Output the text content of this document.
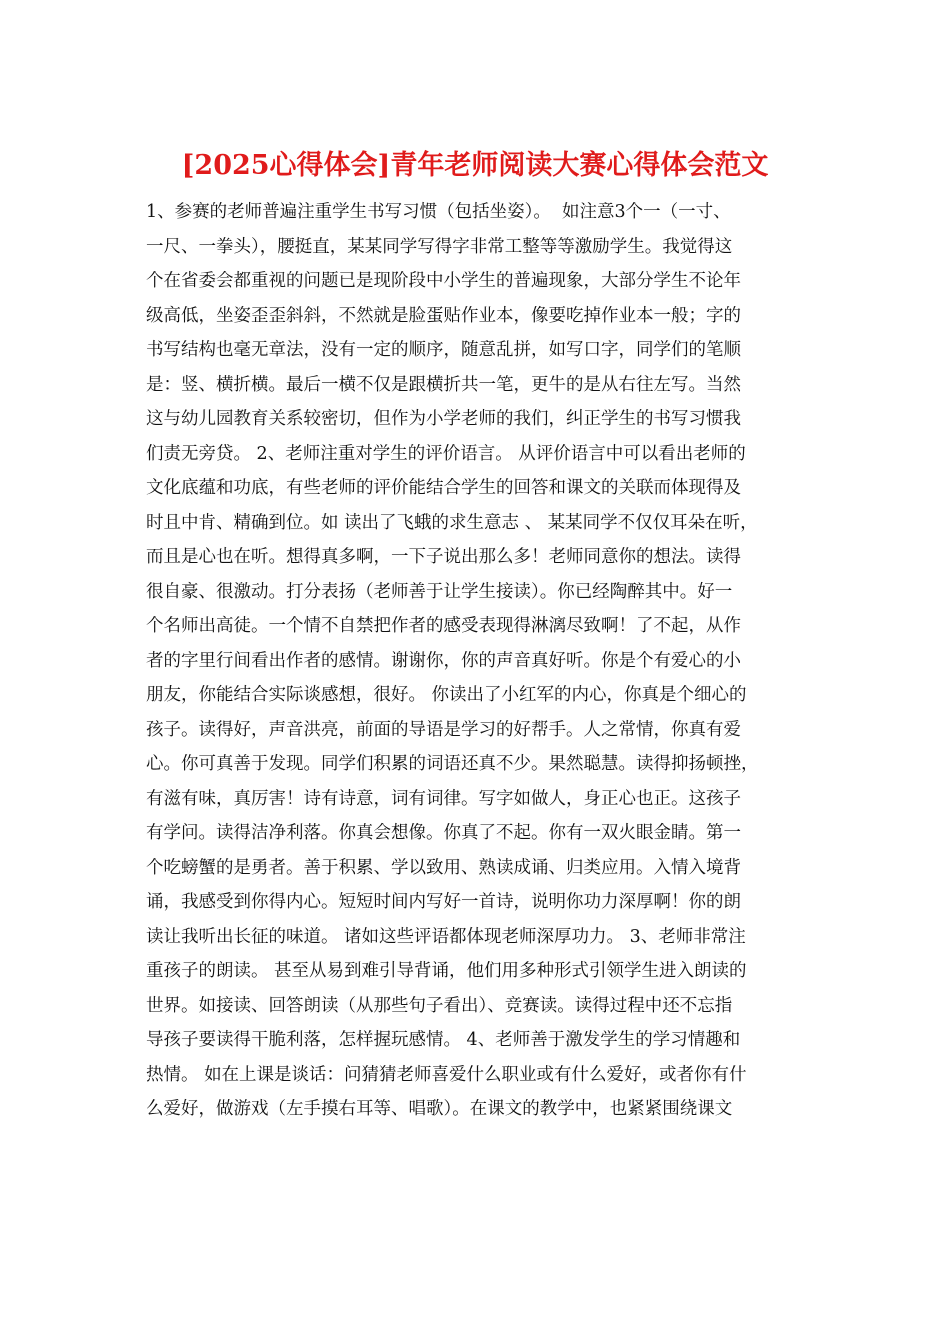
[2025心得体会]青年老师阅读大赛心得体会范文
1、参赛的老师普遍注重学生书写习惯（包括坐姿）。  如注意3个一（一寸、
一尺、一拳头），腰挺直，某某同学写得字非常工整等等激励学生。我觉得这
个在省委会都重视的问题已是现阶段中小学生的普遍现象，大部分学生不论年
级高低，坐姿歪歪斜斜，不然就是脸蛋贴作业本，像要吃掉作业本一般；字的
书写结构也毫无章法，没有一定的顺序，随意乱拼，如写口字，同学们的笔顺
是：竖、横折横。最后一横不仅是跟横折共一笔，更牛的是从右往左写。当然
这与幼儿园教育关系较密切，但作为小学老师的我们，纠正学生的书写习惯我
们责无旁贷。 2、老师注重对学生的评价语言。 从评价语言中可以看出老师的
文化底蕴和功底，有些老师的评价能结合学生的回答和课文的关联而体现得及
时且中肯、精确到位。如 读出了飞蛾的求生意志 、 某某同学不仅仅耳朵在听，
而且是心也在听。想得真多啊，一下子说出那么多！老师同意你的想法。读得
很自豪、很激动。打分表扬（老师善于让学生接读）。你已经陶醉其中。好一
个名师出高徒。一个情不自禁把作者的感受表现得淋漓尽致啊！了不起，从作
者的字里行间看出作者的感情。谢谢你，你的声音真好听。你是个有爱心的小
朋友，你能结合实际谈感想，很好。 你读出了小红军的内心，你真是个细心的
孩子。读得好，声音洪亮，前面的导语是学习的好帮手。人之常情，你真有爱
心。你可真善于发现。同学们积累的词语还真不少。果然聪慧。读得抑扬顿挫，
有滋有味，真厉害！诗有诗意，词有词律。写字如做人，身正心也正。这孩子
有学问。读得洁净利落。你真会想像。你真了不起。你有一双火眼金睛。第一
个吃螃蟹的是勇者。善于积累、学以致用、熟读成诵、归类应用。入情入境背
诵，我感受到你得内心。短短时间内写好一首诗，说明你功力深厚啊！你的朗
读让我听出长征的味道。 诸如这些评语都体现老师深厚功力。 3、老师非常注
重孩子的朗读。 甚至从易到难引导背诵，他们用多种形式引领学生进入朗读的
世界。如接读、回答朗读（从那些句子看出）、竞赛读。读得过程中还不忘指
导孩子要读得干脆利落，怎样握玩感情。 4、老师善于激发学生的学习情趣和
热情。 如在上课是谈话：问猜猜老师喜爱什么职业或有什么爱好，或者你有什
么爱好，做游戏（左手摸右耳等、唱歌）。在课文的教学中，也紧紧围绕课文
